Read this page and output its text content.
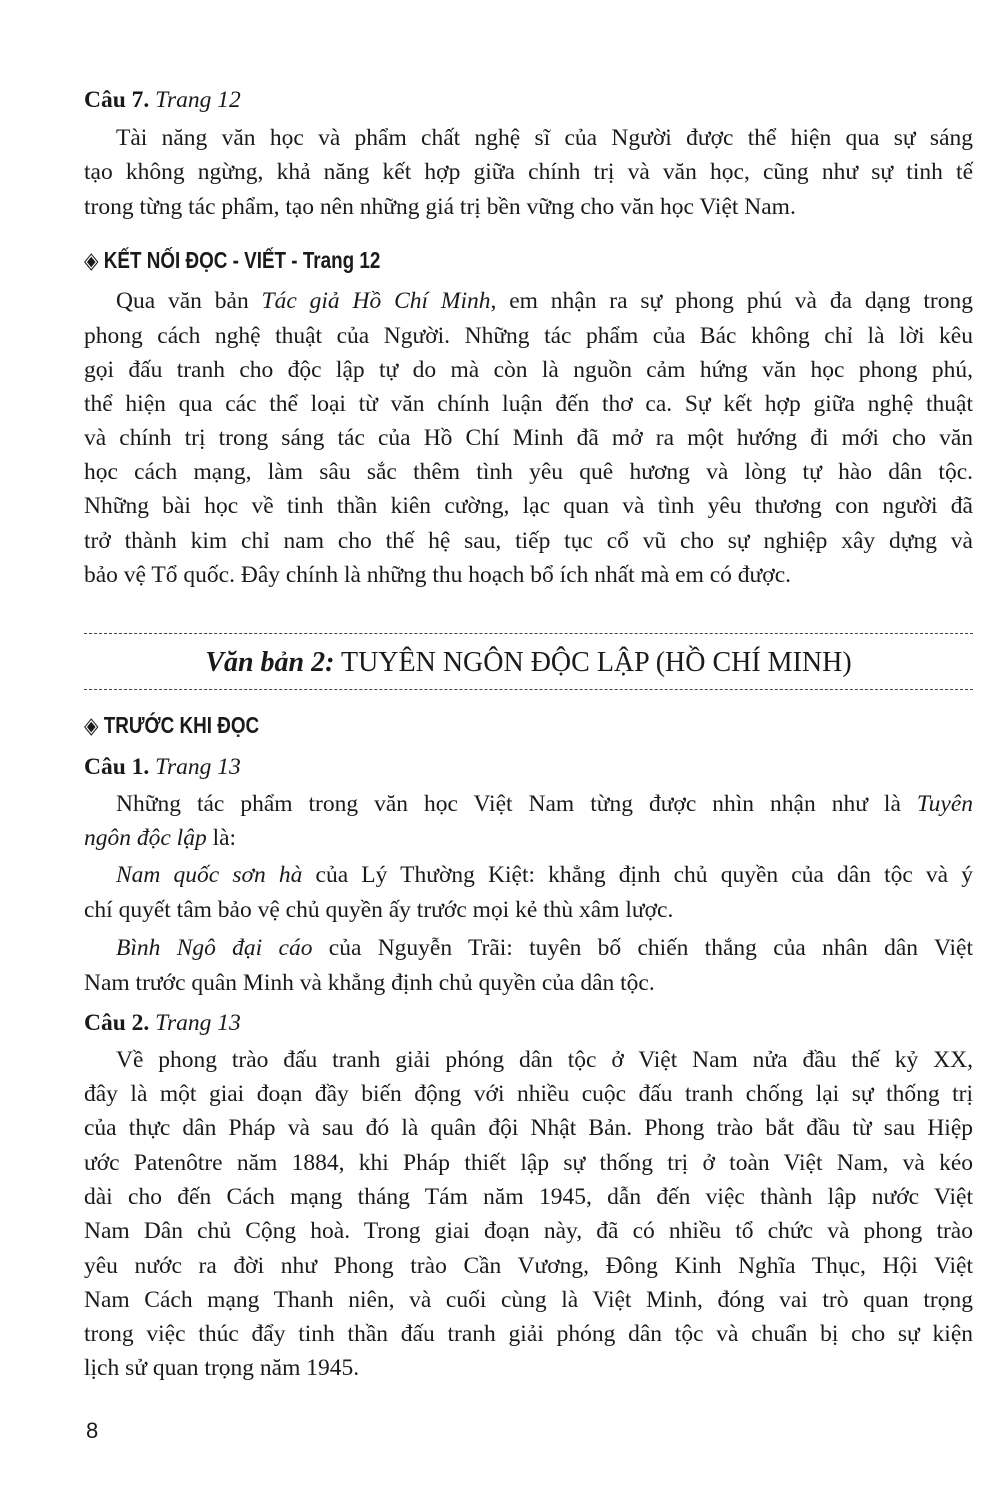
Văn bản 2: TUYÊN NGÔN ĐỘC LẬP (HỒ CHÍ MINH)
8
Câu 7. Trang 12
Tài năng văn học và phẩm chất nghệ sĩ của Người được thể hiện qua sự sáng
tạo không ngừng, khả năng kết hợp giữa chính trị và văn học, cũng như sự tinh tế
trong từng tác phẩm, tạo nên những giá trị bền vững cho văn học Việt Nam.
◈ KẾT NỐI ĐỌC - VIẾT - Trang 12
Qua văn bản Tác giả Hồ Chí Minh, em nhận ra sự phong phú và đa dạng trong
phong cách nghệ thuật của Người. Những tác phẩm của Bác không chỉ là lời kêu
gọi đấu tranh cho độc lập tự do mà còn là nguồn cảm hứng văn học phong phú,
thể hiện qua các thể loại từ văn chính luận đến thơ ca. Sự kết hợp giữa nghệ thuật
và chính trị trong sáng tác của Hồ Chí Minh đã mở ra một hướng đi mới cho văn
học cách mạng, làm sâu sắc thêm tình yêu quê hương và lòng tự hào dân tộc.
Những bài học về tinh thần kiên cường, lạc quan và tình yêu thương con người đã
trở thành kim chỉ nam cho thế hệ sau, tiếp tục cổ vũ cho sự nghiệp xây dựng và
bảo vệ Tổ quốc. Đây chính là những thu hoạch bổ ích nhất mà em có được.
◈ TRƯỚC KHI ĐỌC
Câu 1. Trang 13
Những tác phẩm trong văn học Việt Nam từng được nhìn nhận như là Tuyên
ngôn độc lập là:
Nam quốc sơn hà của Lý Thường Kiệt: khẳng định chủ quyền của dân tộc và ý
chí quyết tâm bảo vệ chủ quyền ấy trước mọi kẻ thù xâm lược.
Bình Ngô đại cáo của Nguyễn Trãi: tuyên bố chiến thắng của nhân dân Việt
Nam trước quân Minh và khẳng định chủ quyền của dân tộc.
Câu 2. Trang 13
Về phong trào đấu tranh giải phóng dân tộc ở Việt Nam nửa đầu thế kỷ XX,
đây là một giai đoạn đầy biến động với nhiều cuộc đấu tranh chống lại sự thống trị
của thực dân Pháp và sau đó là quân đội Nhật Bản. Phong trào bắt đầu từ sau Hiệp
ước Patenôtre năm 1884, khi Pháp thiết lập sự thống trị ở toàn Việt Nam, và kéo
dài cho đến Cách mạng tháng Tám năm 1945, dẫn đến việc thành lập nước Việt
Nam Dân chủ Cộng hoà. Trong giai đoạn này, đã có nhiều tổ chức và phong trào
yêu nước ra đời như Phong trào Cần Vương, Đông Kinh Nghĩa Thục, Hội Việt
Nam Cách mạng Thanh niên, và cuối cùng là Việt Minh, đóng vai trò quan trọng
trong việc thúc đẩy tinh thần đấu tranh giải phóng dân tộc và chuẩn bị cho sự kiện
lịch sử quan trọng năm 1945.
